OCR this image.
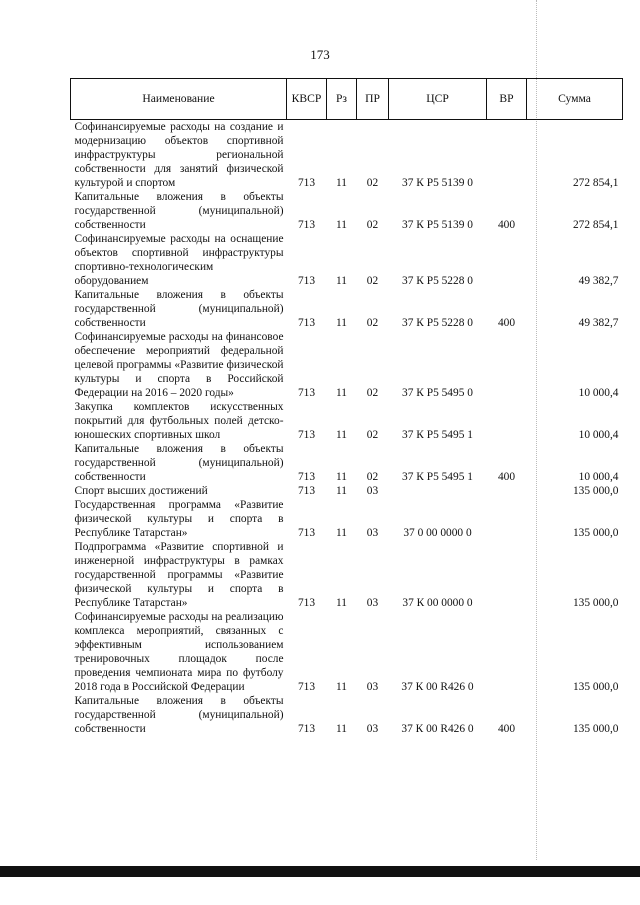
173
Наименование	КВСР	Рз	ПР	ЦСР	ВР	Сумма
Софинансируемые расходы на создание и модернизацию объектов спортивной инфраструктуры региональной собственности для занятий физической культурой и спортом	713	11	02	37 К P5 5139 0		272 854,1
Капитальные вложения в объекты государственной (муниципальной) собственности	713	11	02	37 К P5 5139 0	400	272 854,1
Софинансируемые расходы на оснащение объектов спортивной инфраструктуры спортивно-технологическим оборудованием	713	11	02	37 К P5 5228 0		49 382,7
Капитальные вложения в объекты государственной (муниципальной) собственности	713	11	02	37 К P5 5228 0	400	49 382,7
Софинансируемые расходы на финансовое обеспечение мероприятий федеральной целевой программы «Развитие физической культуры и спорта в Российской Федерации на 2016 – 2020 годы»	713	11	02	37 К P5 5495 0		10 000,4
Закупка комплектов искусственных покрытий для футбольных полей детско-юношеских спортивных школ	713	11	02	37 К P5 5495 1		10 000,4
Капитальные вложения в объекты государственной (муниципальной) собственности	713	11	02	37 К P5 5495 1	400	10 000,4
Спорт высших достижений	713	11	03			135 000,0
Государственная программа «Развитие физической культуры и спорта в Республике Татарстан»	713	11	03	37 0 00 0000 0		135 000,0
Подпрограмма «Развитие спортивной и инженерной инфраструктуры в рамках государственной программы «Развитие физической культуры и спорта в Республике Татарстан»	713	11	03	37 К 00 0000 0		135 000,0
Софинансируемые расходы на реализацию комплекса мероприятий, связанных с эффективным использованием тренировочных площадок после проведения чемпионата мира по футболу 2018 года в Российской Федерации	713	11	03	37 К 00 R426 0		135 000,0
Капитальные вложения в объекты государственной (муниципальной) собственности	713	11	03	37 К 00 R426 0	400	135 000,0
